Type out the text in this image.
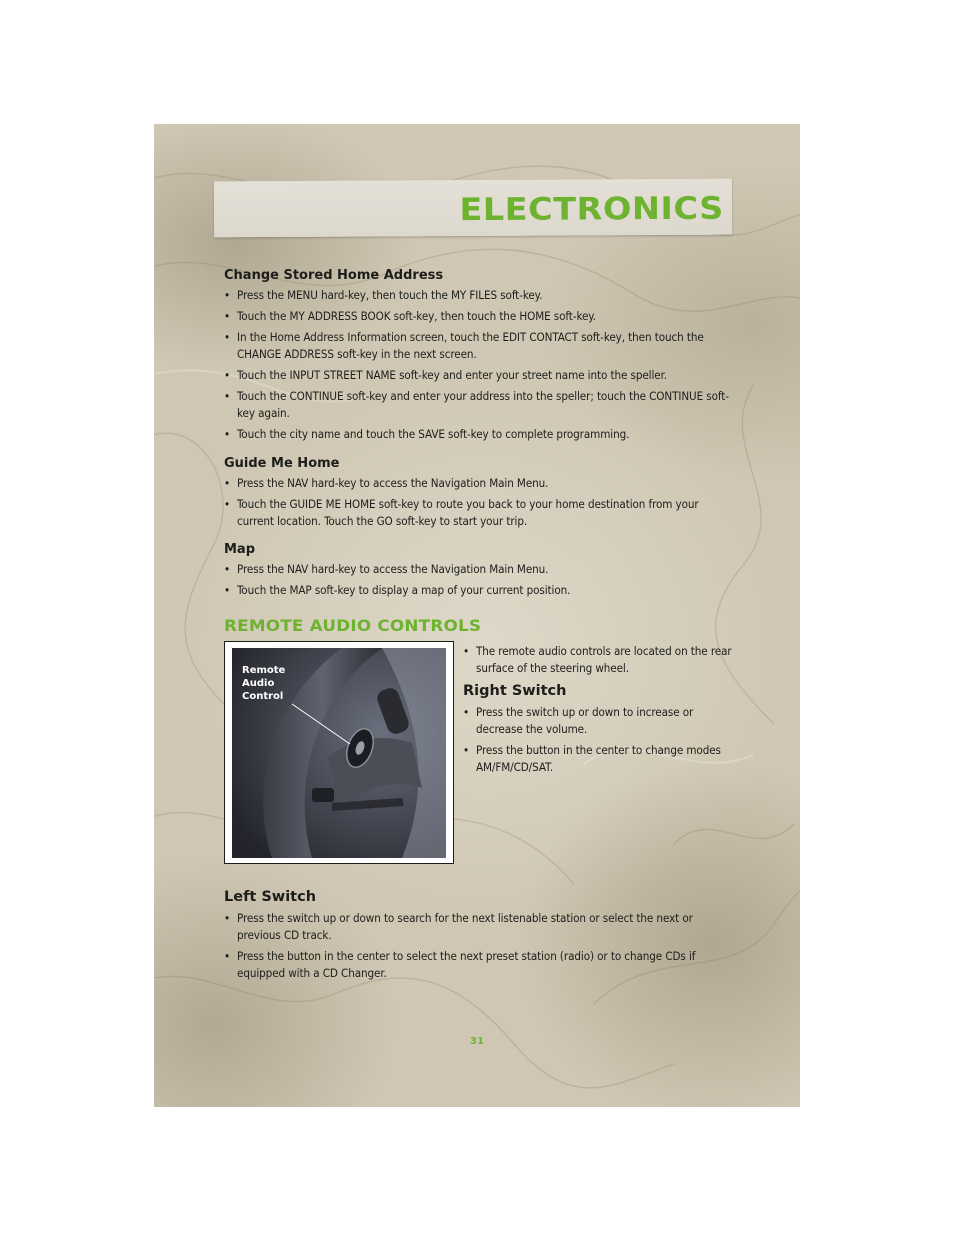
ELECTRONICS
Change Stored Home Address
• Press the MENU hard-key, then touch the MY FILES soft-key.
• Touch the MY ADDRESS BOOK soft-key, then touch the HOME soft-key.
• In the Home Address Information screen, touch the EDIT CONTACT soft-key, then touch the CHANGE ADDRESS soft-key in the next screen.
• Touch the INPUT STREET NAME soft-key and enter your street name into the speller.
• Touch the CONTINUE soft-key and enter your address into the speller; touch the CONTINUE soft-key again.
• Touch the city name and touch the SAVE soft-key to complete programming.
Guide Me Home
• Press the NAV hard-key to access the Navigation Main Menu.
• Touch the GUIDE ME HOME soft-key to route you back to your home destination from your current location. Touch the GO soft-key to start your trip.
Map
• Press the NAV hard-key to access the Navigation Main Menu.
• Touch the MAP soft-key to display a map of your current position.
REMOTE AUDIO CONTROLS
Remote
Audio
Control
• The remote audio controls are located on the rear surface of the steering wheel.
Right Switch
• Press the switch up or down to increase or decrease the volume.
• Press the button in the center to change modes AM/FM/CD/SAT.
Left Switch
• Press the switch up or down to search for the next listenable station or select the next or previous CD track.
• Press the button in the center to select the next preset station (radio) or to change CDs if equipped with a CD Changer.
31
